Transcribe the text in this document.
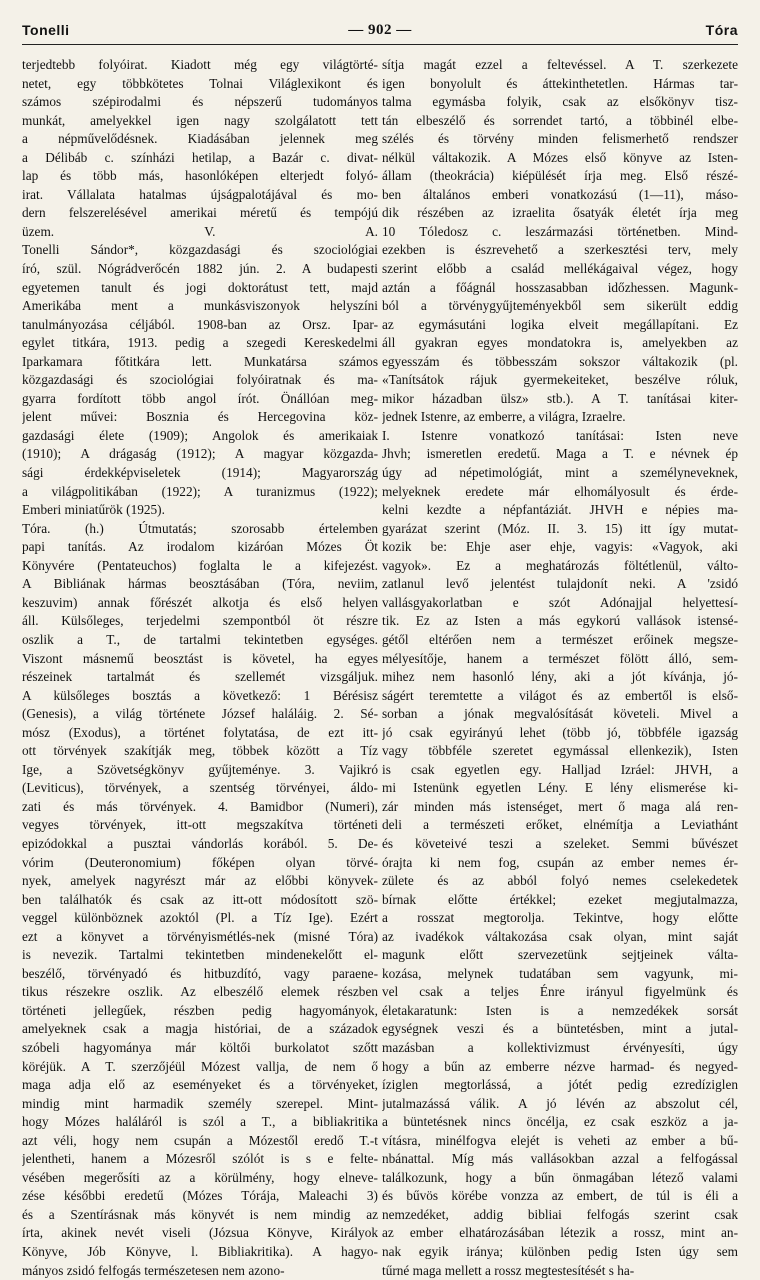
Tonelli	— 902 —	Tóra
terjedtebb folyóirat. Kiadott még egy világtörté-
netet, egy többkötetes Tolnai Világlexikont és
számos szépirodalmi és népszerű tudományos
munkát, amelyekkel igen nagy szolgálatott tett
a népművelődésnek. Kiadásában jelennek meg
a Délibáb c. színházi hetilap, a Bazár c. divat-
lap és több más, hasonlóképen elterjedt folyó-
irat. Vállalata hatalmas újságpalotájával és mo-
dern felszerelésével amerikai méretű és tempójú
üzem. V. A.
Tonelli Sándor*, közgazdasági és szociológiai
író, szül. Nógrádverőcén 1882 jún. 2. A budapesti
egyetemen tanult és jogi doktorátust tett, majd
Amerikába ment a munkásviszonyok helyszíni
tanulmányozása céljából. 1908-ban az Orsz. Ipar-
egylet titkára, 1913. pedig a szegedi Kereskedelmi
Iparkamara főtitkára lett. Munkatársa számos
közgazdasági és szociológiai folyóiratnak és ma-
gyarra fordított több angol írót. Önállóan meg-
jelent művei: Bosznia és Hercegovina köz-
gazdasági élete (1909); Angolok és amerikaiak
(1910); A drágaság (1912); A magyar közgazda-
sági érdekképviseletek (1914); Magyarország
a világpolitikában (1922); A turanizmus (1922);
Emberi miniatűrök (1925).
Tóra. (h.) Útmutatás; szorosabb értelemben
papi tanítás. Az irodalom kizáróan Mózes Öt
Könyvére (Pentateuchos) foglalta le a kifejezést.
A Bibliának hármas beosztásában (Tóra, neviim,
keszuvim) annak főrészét alkotja és első helyen
áll. Külsőleges, terjedelmi szempontból öt részre
oszlik a T., de tartalmi tekintetben egységes.
Viszont másnemű beosztást is követel, ha egyes
részeinek tartalmát és szellemét vizsgáljuk.
A külsőleges bosztás a következő: 1 Bérésisz
(Genesis), a világ története József haláláig. 2. Sé-
mósz (Exodus), a történet folytatása, de ezt itt-
ott törvények szakítják meg, többek között a Tíz
Ige, a Szövetségkönyv gyűjteménye. 3. Vajikró
(Leviticus), törvények, a szentség törvényei, áldo-
zati és más törvények. 4. Bamidbor (Numeri),
vegyes törvények, itt-ott megszakítva történeti
epizódokkal a pusztai vándorlás korából. 5. De-
vórim (Deuteronomium) főképen olyan törvé-
nyek, amelyek nagyrészt már az előbbi könyvek-
ben találhatók és csak az itt-ott módosított szö-
veggel különböznek azoktól (Pl. a Tíz Ige). Ezért
ezt a könyvet a törvényismétlés-nek (misné Tóra)
is nevezik. Tartalmi tekintetben mindenekelőtt el-
beszélő, törvényadó és hitbuzdító, vagy paraene-
tikus részekre oszlik. Az elbeszélő elemek részben
történeti jellegűek, részben pedig hagyományok,
amelyeknek csak a magja históriai, de a századok
szóbeli hagyománya már költői burkolatot szőtt
köréjük. A T. szerzőjéül Mózest vallja, de nem ő
maga adja elő az eseményeket és a törvényeket,
mindig mint harmadik személy szerepel. Mint-
hogy Mózes haláláról is szól a T., a bibliakritika
azt véli, hogy nem csupán a Mózestől eredő T.-t
jelentheti, hanem a Mózesről szólót is s e felte-
vésében megerősíti az a körülmény, hogy elneve-
zése későbbi eredetű (Mózes Tórája, Maleachi 3)
és a Szentírásnak más könyvét is nem mindig az
írta, akinek nevét viseli (Józsua Könyve, Királyok
Könyve, Jób Könyve, l. Bibliakritika). A hagyo-
mányos zsidó felfogás természetesen nem azono-
sítja magát ezzel a feltevéssel. A T. szerkezete
igen bonyolult és áttekinthetetlen. Hármas tar-
talma egymásba folyik, csak az elsőkönyv tisz-
tán elbeszélő és sorrendet tartó, a többinél elbe-
szélés és törvény minden felismerhető rendszer
nélkül váltakozik. A Mózes első könyve az Isten-
állam (theokrácia) kiépülését írja meg. Első részé-
ben általános emberi vonatkozású (1—11), máso-
dik részében az izraelita ősatyák életét írja meg
10 Tóledosz c. leszármazási történetben. Mind-
ezekben is észrevehető a szerkesztési terv, mely
szerint előbb a család mellékágaival végez, hogy
aztán a főágnál hosszasabban időzhessen. Magunk-
ból a törvénygyűjteményekből sem sikerült eddig
az egymásutáni logika elveit megállapítani. Ez
áll gyakran egyes mondatokra is, amelyekben az
egyesszám és többesszám sokszor váltakozik (pl.
«Tanítsátok rájuk gyermekeiteket, beszélve róluk,
mikor házadban ülsz» stb.). A T. tanításai kiter-
jednek Istenre, az emberre, a világra, Izraelre.
I. Istenre vonatkozó tanításai: Isten neve
Jhvh; ismeretlen eredetű. Maga a T. e névnek ép
úgy ad népetimológiát, mint a személyneveknek,
melyeknek eredete már elhomályosult és érde-
kelni kezdte a népfantáziát. JHVH e népies ma-
gyarázat szerint (Móz. II. 3. 15) itt így mutat-
kozik be: Ehje aser ehje, vagyis: «Vagyok, aki
vagyok». Ez a meghatározás föltétlenül, válto-
zatlanul levő jelentést tulajdonít neki. A 'zsidó
vallásgyakorlatban e szót Adónajjal helyettesí-
tik. Ez az Isten a más egykorú vallások istensé-
gétől eltérően nem a természet erőinek megsze-
mélyesítője, hanem a természet fölött álló, sem-
mihez nem hasonló lény, aki a jót kívánja, jó-
ságért teremtette a világot és az embertől is első-
sorban a jónak megvalósítását követeli. Mivel a
jó csak egyirányú lehet (több jó, többféle igazság
vagy többféle szeretet egymással ellenkezik), Isten
is csak egyetlen egy. Halljad Izráel: JHVH, a
mi Istenünk egyetlen Lény. E lény elismerése ki-
zár minden más istenséget, mert ő maga alá ren-
deli a természeti erőket, elnémítja a Leviathánt
és követeivé teszi a szeleket. Semmi bűvészet
órajta ki nem fog, csupán az ember nemes ér-
zülete és az abból folyó nemes cselekedetek
bírnak előtte értékkel; ezeket megjutalmazza,
a rosszat megtorolja. Tekintve, hogy előtte
az ivadékok váltakozása csak olyan, mint saját
magunk előtt szervezetünk sejtjeinek válta-
kozása, melynek tudatában sem vagyunk, mi-
vel csak a teljes Énre irányul figyelmünk és
életakaratunk: Isten is a nemzedékek sorsát
egységnek veszi és a büntetésben, mint a jutal-
mazásban a kollektivizmust érvényesíti, úgy
hogy a bűn az emberre nézve harmad- és negyed-
íziglen megtorlássá, a jótét pedig ezredíziglen
jutalmazássá válik. A jó lévén az abszolut cél,
a büntetésnek nincs öncélja, ez csak eszköz a ja-
vításra, minélfogva elejét is veheti az ember a bű-
nbánattal. Míg más vallásokban azzal a felfogással
találkozunk, hogy a bűn önmagában létező valami
és bűvös körébe vonzza az embert, de túl is éli a
nemzedéket, addig bibliai felfogás szerint csak
az ember elhatározásában létezik a rossz, mint an-
nak egyik iránya; különben pedig Isten úgy sem
tűrné maga mellett a rossz megtestesítését s ha-
